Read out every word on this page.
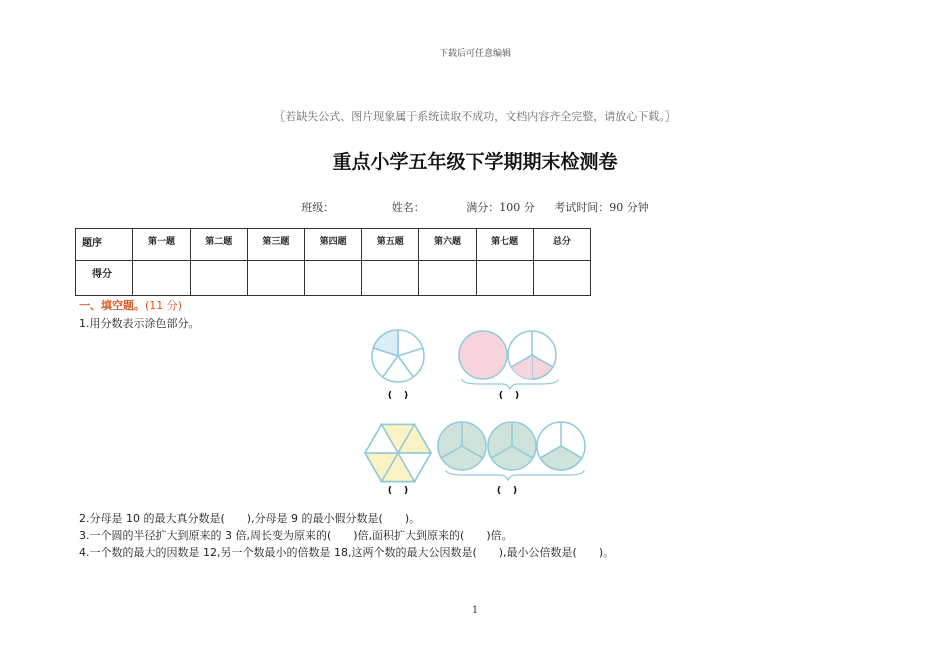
下载后可任意编辑
〖若缺失公式、图片现象属于系统读取不成功，文档内容齐全完整，请放心下载。〗
重点小学五年级下学期期末检测卷
班级：	姓名：	满分：100 分 考试时间：90 分钟
题序	第一题	第二题	第三题	第四题	第五题	第六题	第七题	总分

得分								

一、填空题。(11 分)
1.用分数表示涂色部分。
(　 )	(　 )
(　 )	(　 )
2.分母是 10 的最大真分数是(　　),分母是 9 的最小假分数是(　　)。
3.一个圆的半径扩大到原来的 3 倍,周长变为原来的(　　)倍,面积扩大到原来的(　　)倍。
4.一个数的最大的因数是 12,另一个数最小的倍数是 18,这两个数的最大公因数是(　　),最小公倍数是(　　)。
1
